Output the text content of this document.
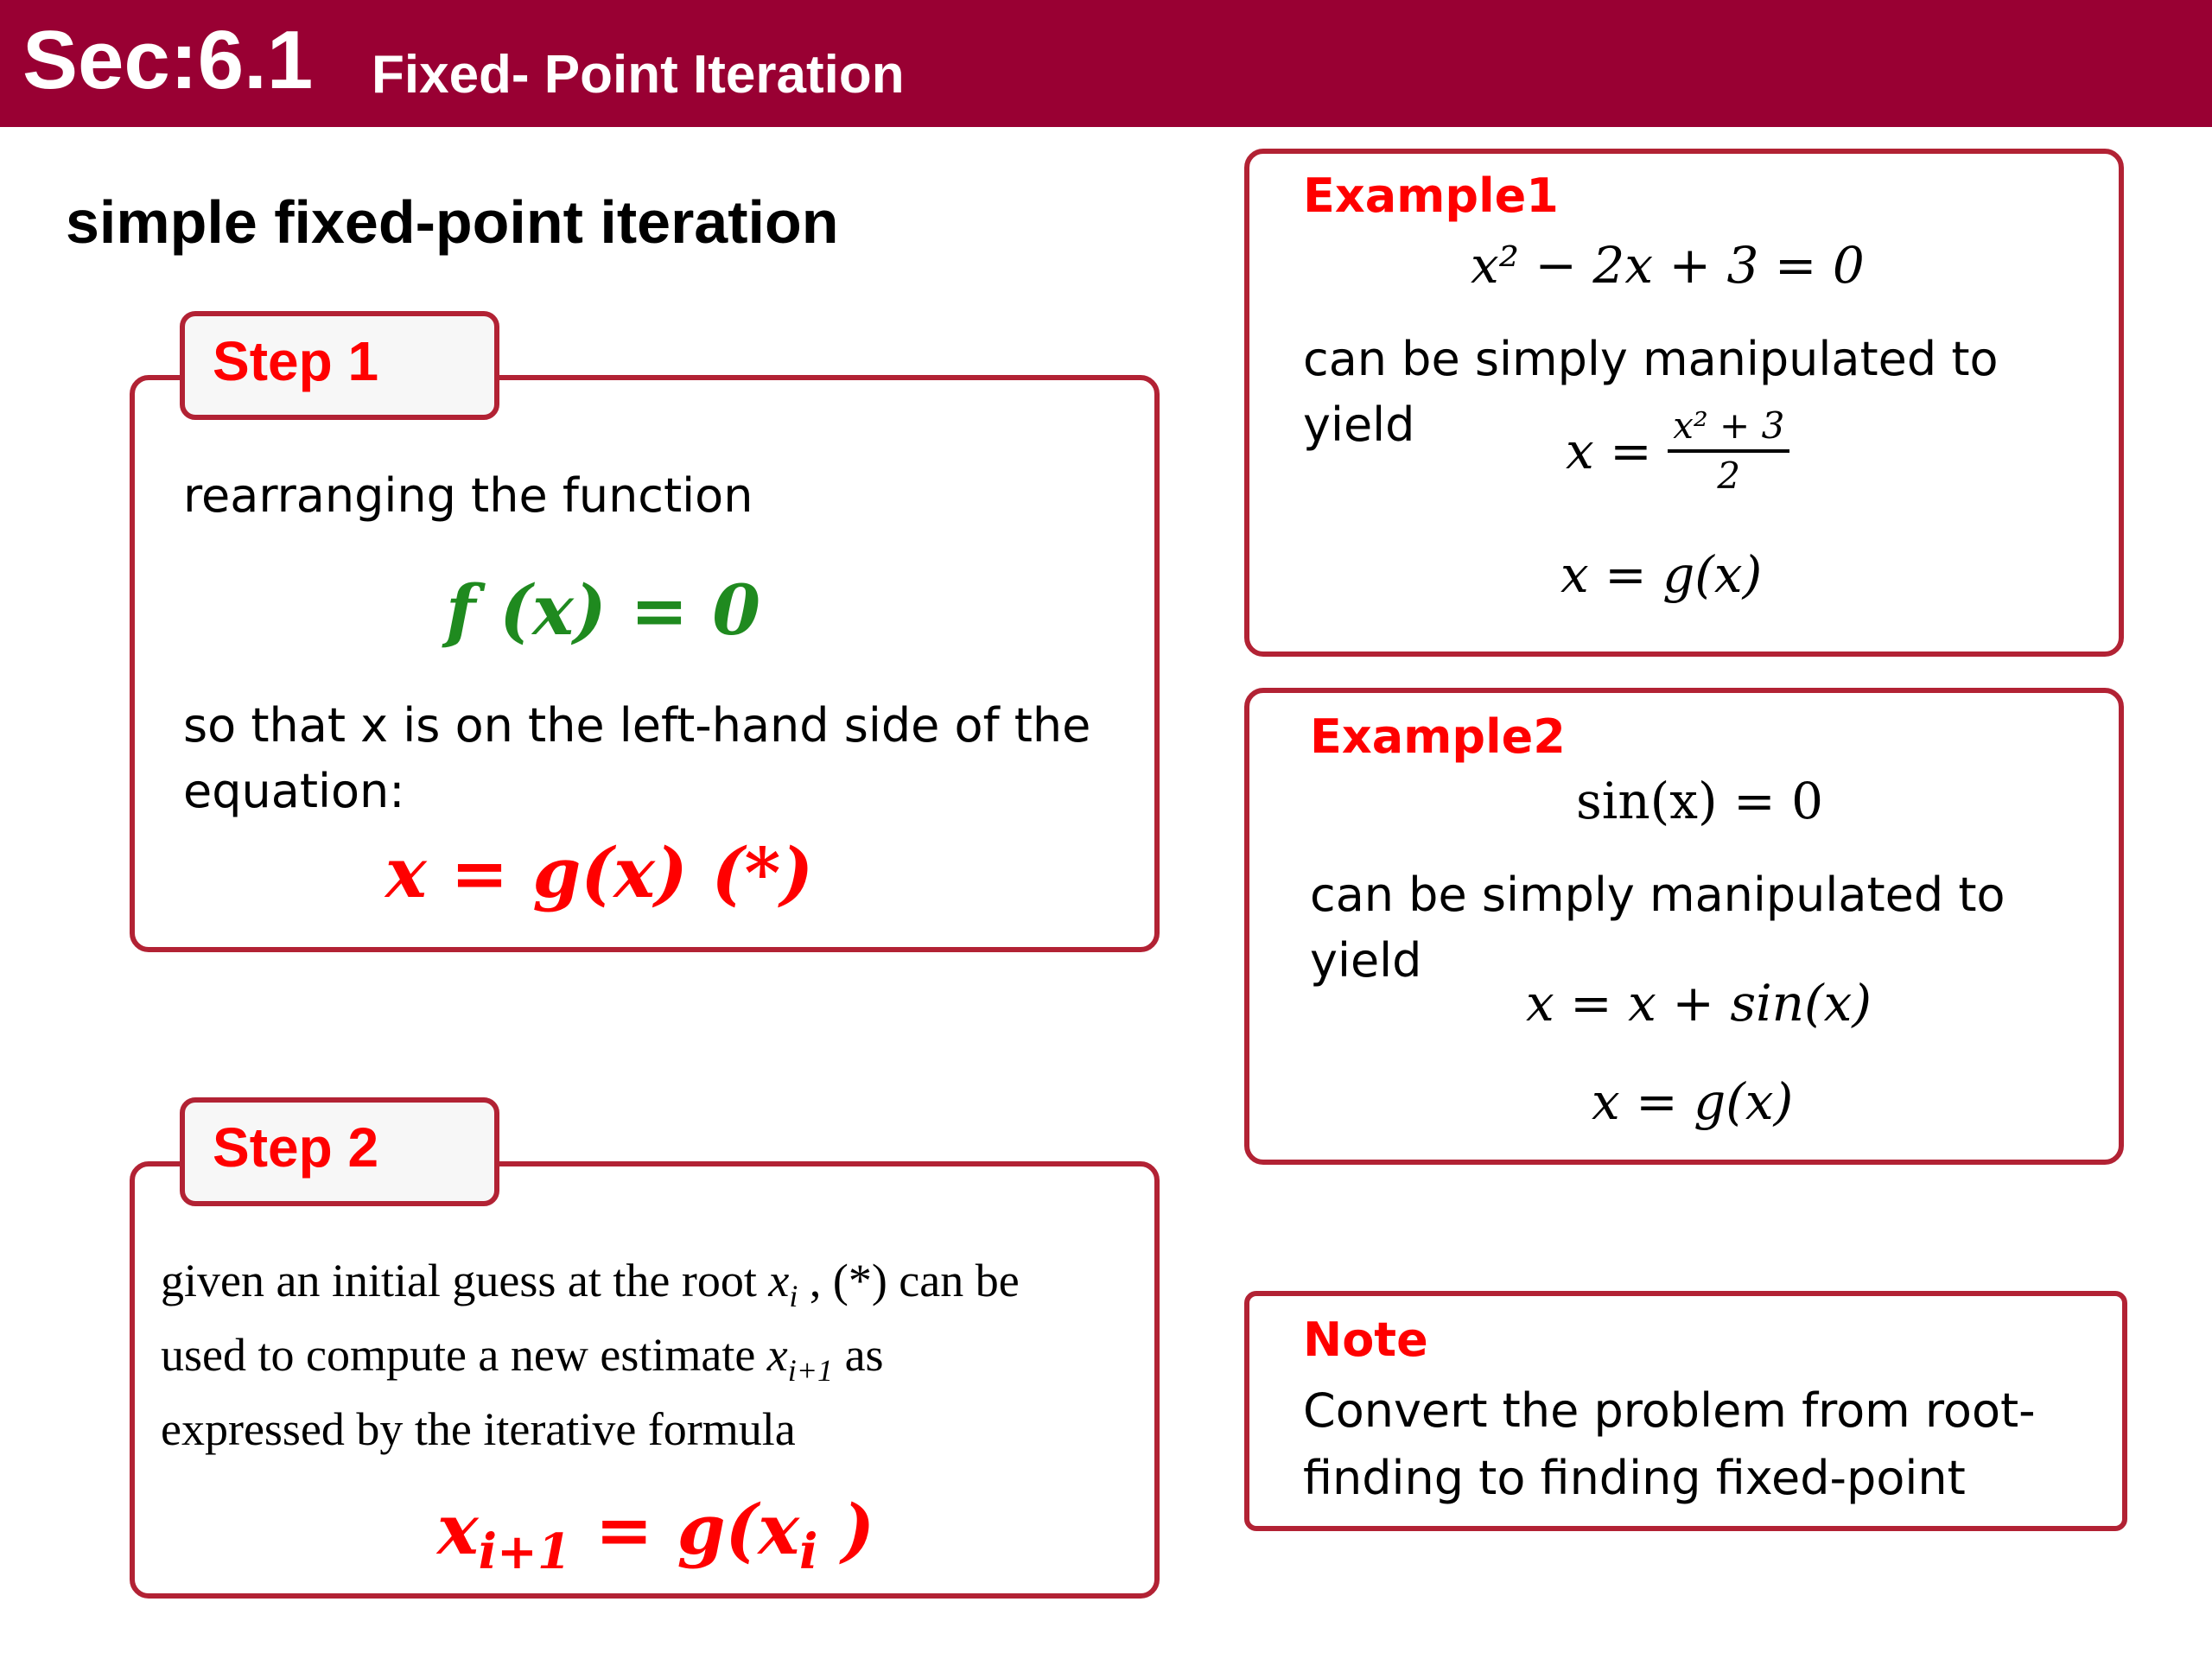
Sec:6.1 Fixed- Point Iteration
simple fixed-point iteration
rearranging the function
f (x) = 0
so that x is on the left-hand side of the equation:
x = g(x) (*)
Step 1
given an initial guess at the root $x_i$ , (*) can be
used to compute a new estimate $x_{i+1}$ as
expressed by the iterative formula
$x_{i+1} = g(x_i$ )
Step 2
Example1
x² − 2x + 3 = 0
can be simply manipulated to yield	$x = \frac{\text{x² + 3}}{2}$
x = g(x)
Example2
sin(x) = 0
can be simply manipulated to yield
x = x + sin(x)
x = g(x)
Note
Convert the problem from root-finding to finding fixed-point
